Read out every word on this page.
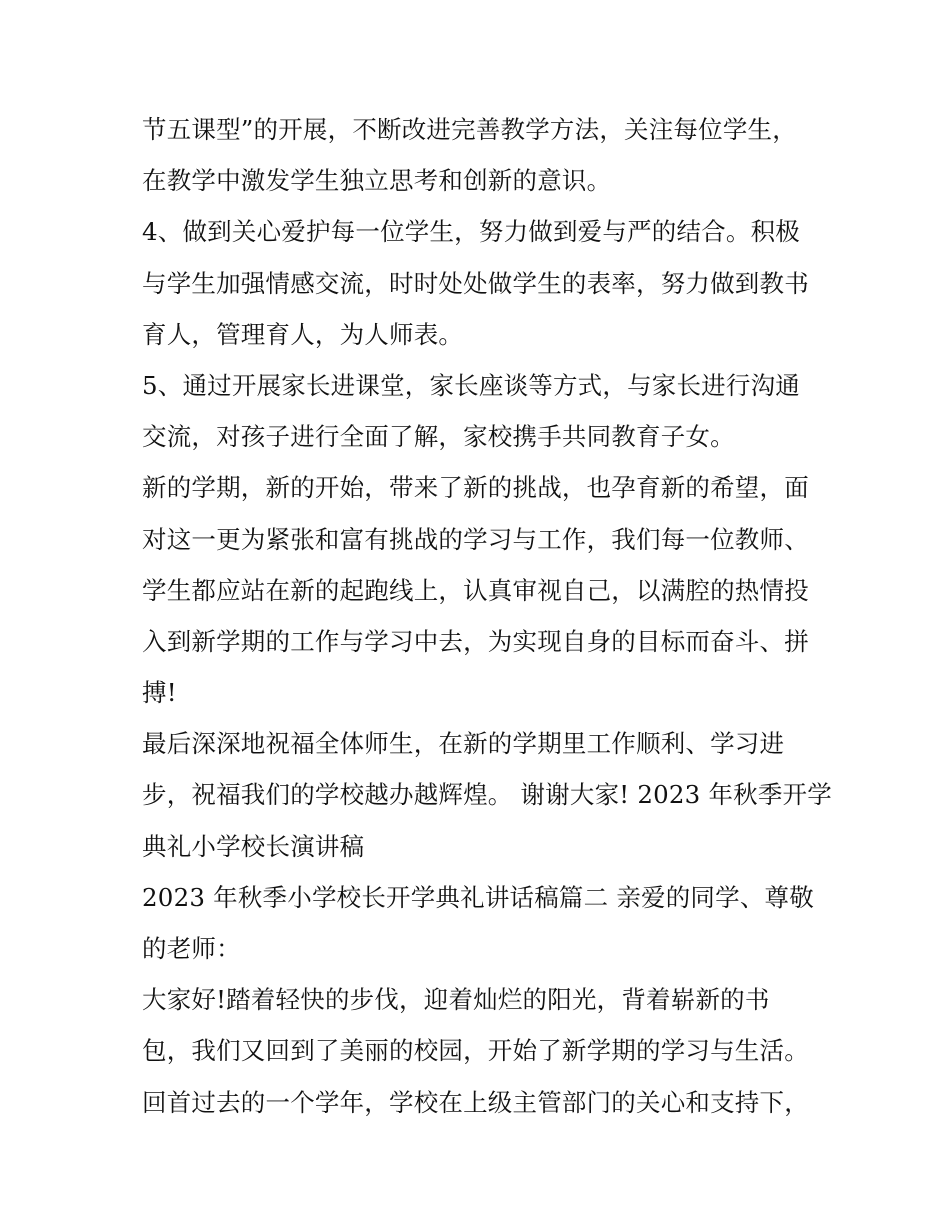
节五课型”的开展，不断改进完善教学方法，关注每位学生，
在教学中激发学生独立思考和创新的意识。
4、做到关心爱护每一位学生，努力做到爱与严的结合。积极
与学生加强情感交流，时时处处做学生的表率，努力做到教书
育人，管理育人，为人师表。
5、通过开展家长进课堂，家长座谈等方式，与家长进行沟通
交流，对孩子进行全面了解，家校携手共同教育子女。
新的学期，新的开始，带来了新的挑战，也孕育新的希望，面
对这一更为紧张和富有挑战的学习与工作，我们每一位教师、
学生都应站在新的起跑线上，认真审视自己，以满腔的热情投
入到新学期的工作与学习中去，为实现自身的目标而奋斗、拼
搏!
最后深深地祝福全体师生，在新的学期里工作顺利、学习进
步，祝福我们的学校越办越辉煌。 谢谢大家! 2023 年秋季开学
典礼小学校长演讲稿
2023 年秋季小学校长开学典礼讲话稿篇二 亲爱的同学、尊敬
的老师：
大家好!踏着轻快的步伐，迎着灿烂的阳光，背着崭新的书
包，我们又回到了美丽的校园，开始了新学期的学习与生活。
回首过去的一个学年，学校在上级主管部门的关心和支持下，
